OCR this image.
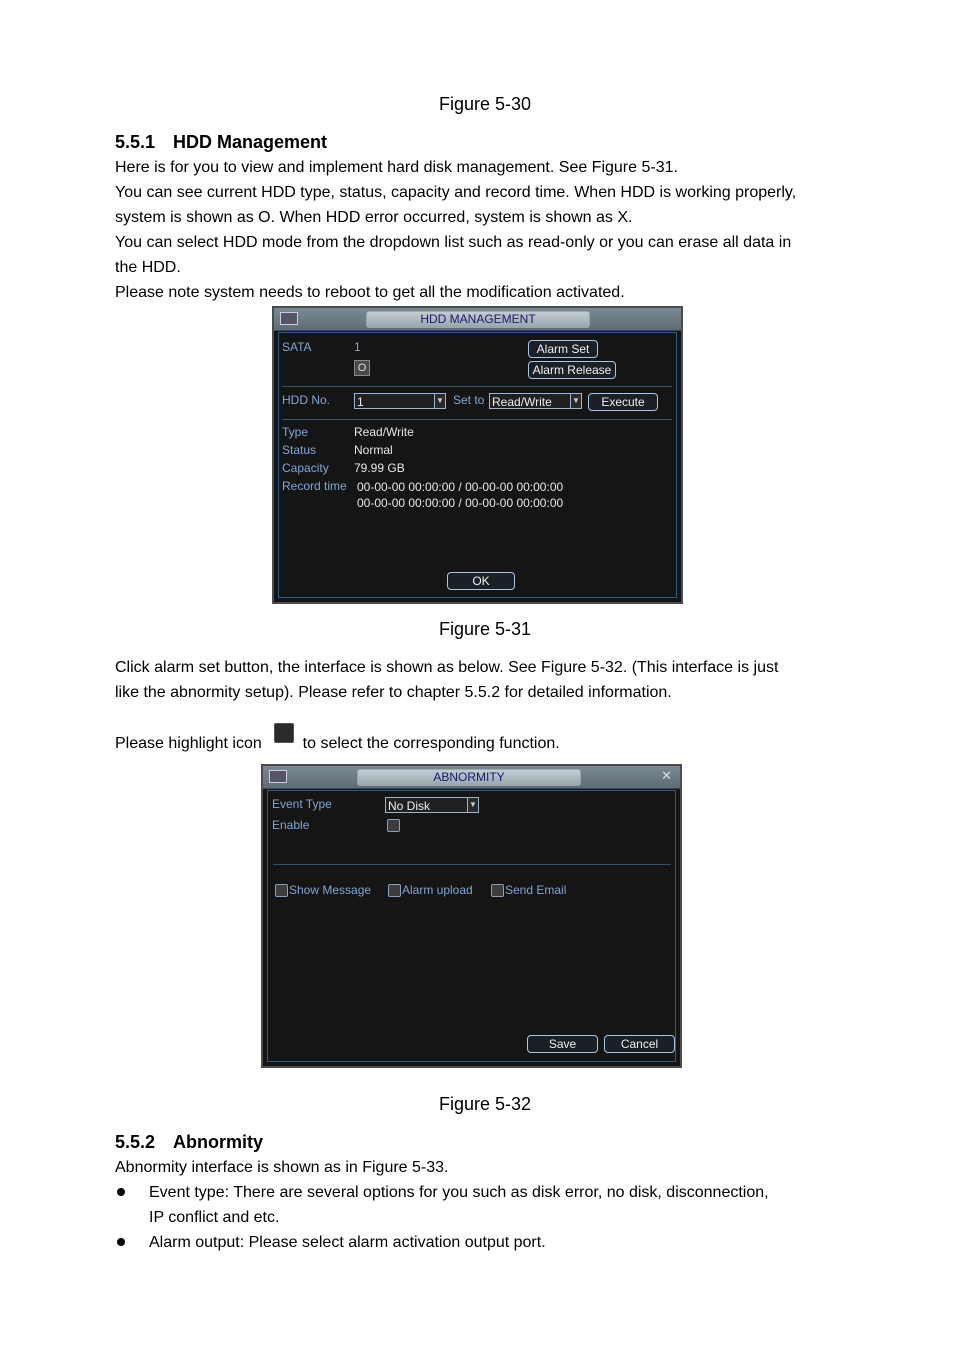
Figure 5-30
5.5.1 HDD Management
Here is for you to view and implement hard disk management. See Figure 5-31.
You can see current HDD type, status, capacity and record time. When HDD is working properly,
system is shown as O. When HDD error occurred, system is shown as X.
You can select HDD mode from the dropdown list such as read-only or you can erase all data in
the HDD.
Please note system needs to reboot to get all the modification activated.
HDD MANAGEMENT
SATA	1
O
Alarm Set
Alarm Release
HDD No. 1	▼ Set to Read/Write	▼	Execute
Type	Read/Write
Status	Normal
Capacity 79.99 GB
Record time 00-00-00 00:00:00 / 00-00-00 00:00:00
00-00-00 00:00:00 / 00-00-00 00:00:00
OK
Figure 5-31
Click alarm set button, the interface is shown as below. See Figure 5-32. (This interface is just
like the abnormity setup). Please refer to chapter 5.5.2 for detailed information.
Please highlight icon	to select the corresponding function.
ABNORMITY	✕
Event Type	No Disk	▼
Enable
Show Message	Alarm upload	Send Email
Save	Cancel
Figure 5-32
5.5.2 Abnormity
Abnormity interface is shown as in Figure 5-33.
Event type: There are several options for you such as disk error, no disk, disconnection,
IP conflict and etc.
Alarm output: Please select alarm activation output port.
